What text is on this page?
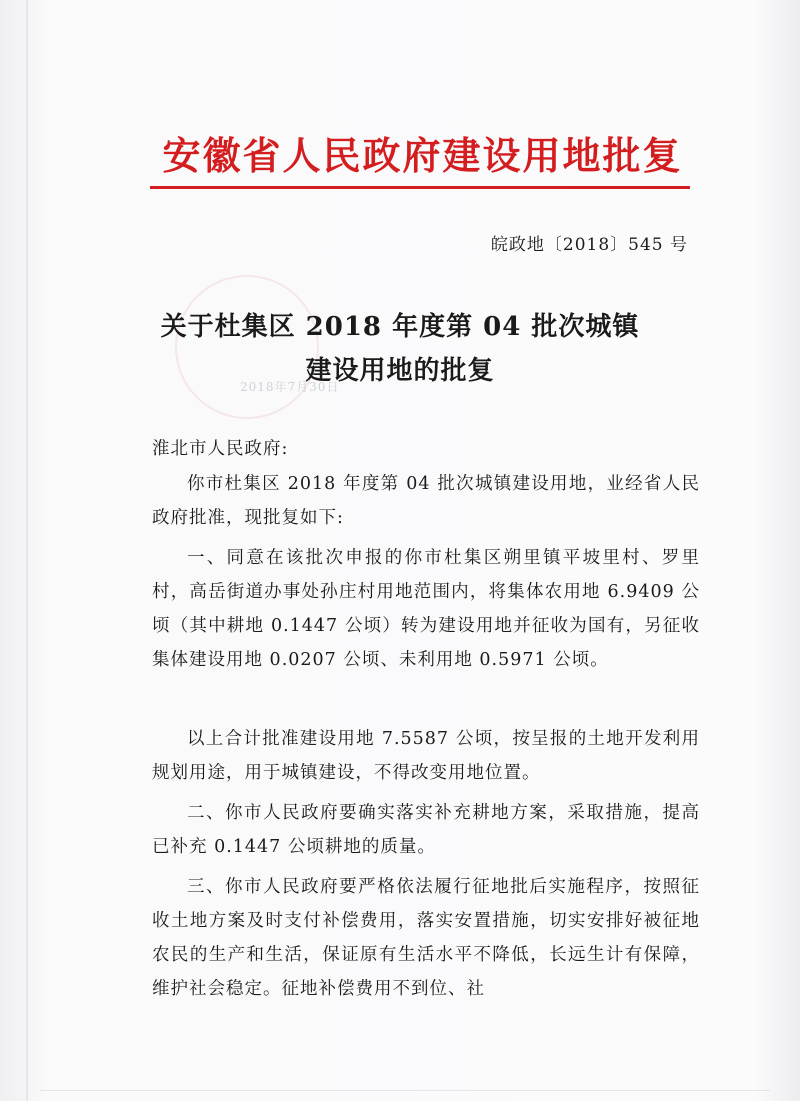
安徽省人民政府建设用地批复
皖政地〔2018〕545 号
2018年7月30日
关于杜集区 2018 年度第 04 批次城镇
建设用地的批复
淮北市人民政府:

你市杜集区 2018 年度第 04 批次城镇建设用地，业经省人民政府批准，现批复如下:

一、同意在该批次申报的你市杜集区朔里镇平坡里村、罗里村，高岳街道办事处孙庄村用地范围内，将集体农用地 6.9409 公顷（其中耕地 0.1447 公顷）转为建设用地并征收为国有，另征收集体建设用地 0.0207 公顷、未利用地 0.5971 公顷。

以上合计批准建设用地 7.5587 公顷，按呈报的土地开发利用规划用途，用于城镇建设，不得改变用地位置。

二、你市人民政府要确实落实补充耕地方案，采取措施，提高已补充 0.1447 公顷耕地的质量。

三、你市人民政府要严格依法履行征地批后实施程序，按照征收土地方案及时支付补偿费用，落实安置措施，切实安排好被征地农民的生产和生活，保证原有生活水平不降低，长远生计有保障，维护社会稳定。征地补偿费用不到位、社
